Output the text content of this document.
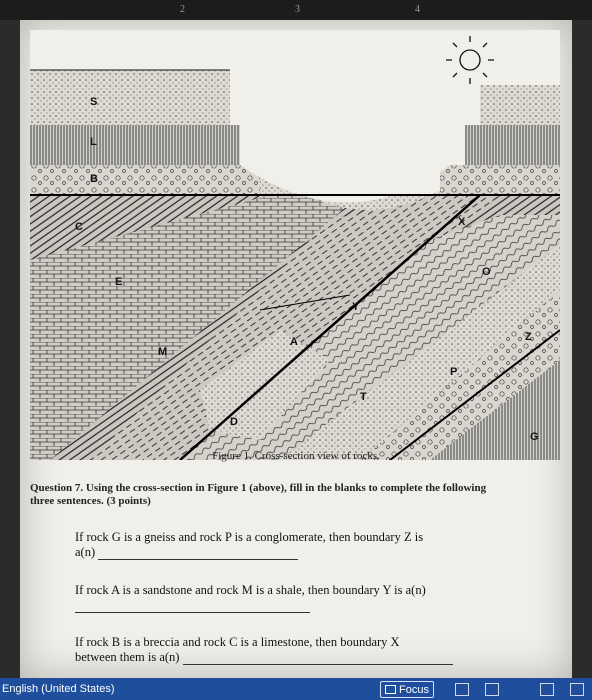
2	3	4
S
L
B
C
E
M
A
Y
X
O
Z
P
T
D
G
Figure 1. Cross-section view of rocks.
Question 7. Using the cross-section in Figure 1 (above), fill in the blanks to complete the following three sentences. (3 points)
If rock G is a gneiss and rock P is a conglomerate, then boundary Z is
a(n)
If rock A is a sandstone and rock M is a shale, then boundary Y is a(n)
If rock B is a breccia and rock C is a limestone, then boundary X
between them is a(n)
English (United States)	Focus
